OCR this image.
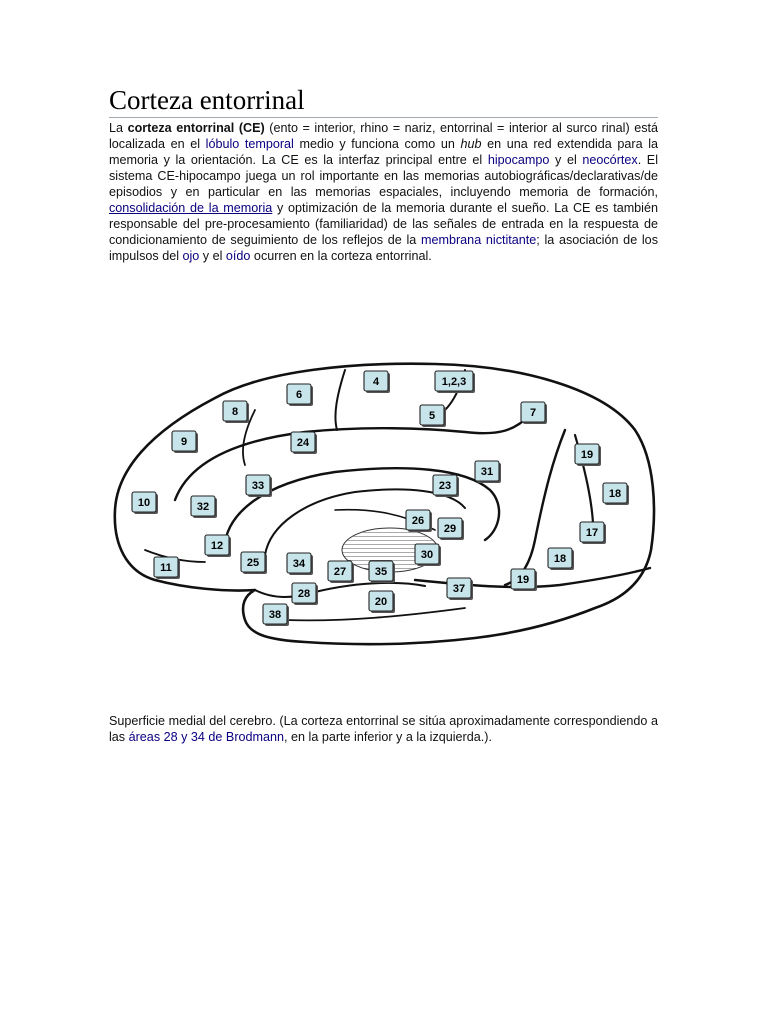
Corteza entorrinal

La corteza entorrinal (CE) (ento = interior, rhino = nariz, entorrinal = interior al surco rinal) está localizada en el lóbulo temporal medio y funciona como un hub en una red extendida para la memoria y la orientación. La CE es la interfaz principal entre el hipocampo y el neocórtex. El sistema CE-hipocampo juega un rol importante en las memorias autobiográficas/declarativas/de episodios y en particular en las memorias espaciales, incluyendo memoria de formación, consolidación de la memoria y optimización de la memoria durante el sueño. La CE es también responsable del pre-procesamiento (familiaridad) de las señales de entrada en la respuesta de condicionamiento de seguimiento de los reflejos de la membrana nictitante; la asociación de los impulsos del ojo y el oído ocurren en la corteza entorrinal.

4	1,2,3
6
8	5	7
9	24
31
19
33	23
18
10	32
26
29	17
12
30	18
11	25	34
27	35
19
28	37
20
38

Superficie medial del cerebro. (La corteza entorrinal se sitúa aproximadamente correspondiendo a las áreas 28 y 34 de Brodmann, en la parte inferior y a la izquierda.).
